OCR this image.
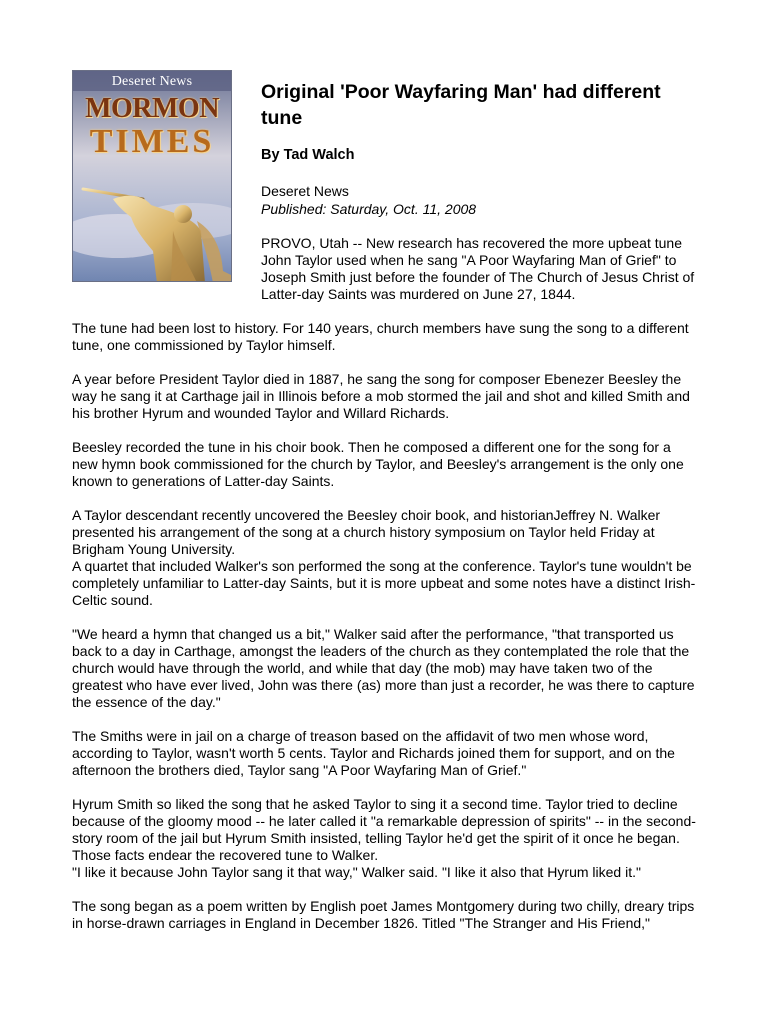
Deseret News
MORMON
TIMES
Original 'Poor Wayfaring Man' had different tune
By Tad Walch
Deseret News
Published: Saturday, Oct. 11, 2008

PROVO, Utah -- New research has recovered the more upbeat tune John Taylor used when he sang "A Poor Wayfaring Man of Grief" to Joseph Smith just before the founder of The Church of Jesus Christ of Latter-day Saints was murdered on June 27, 1844.

The tune had been lost to history. For 140 years, church members have sung the song to a different tune, one commissioned by Taylor himself.

A year before President Taylor died in 1887, he sang the song for composer Ebenezer Beesley the way he sang it at Carthage jail in Illinois before a mob stormed the jail and shot and killed Smith and his brother Hyrum and wounded Taylor and Willard Richards.

Beesley recorded the tune in his choir book. Then he composed a different one for the song for a new hymn book commissioned for the church by Taylor, and Beesley's arrangement is the only one known to generations of Latter-day Saints.

A Taylor descendant recently uncovered the Beesley choir book, and historianJeffrey N. Walker presented his arrangement of the song at a church history symposium on Taylor held Friday at Brigham Young University.

A quartet that included Walker's son performed the song at the conference. Taylor's tune wouldn't be completely unfamiliar to Latter-day Saints, but it is more upbeat and some notes have a distinct Irish-Celtic sound.

"We heard a hymn that changed us a bit," Walker said after the performance, "that transported us back to a day in Carthage, amongst the leaders of the church as they contemplated the role that the church would have through the world, and while that day (the mob) may have taken two of the greatest who have ever lived, John was there (as) more than just a recorder, he was there to capture the essence of the day."

The Smiths were in jail on a charge of treason based on the affidavit of two men whose word, according to Taylor, wasn't worth 5 cents. Taylor and Richards joined them for support, and on the afternoon the brothers died, Taylor sang "A Poor Wayfaring Man of Grief."

Hyrum Smith so liked the song that he asked Taylor to sing it a second time. Taylor tried to decline because of the gloomy mood -- he later called it "a remarkable depression of spirits" -- in the second-story room of the jail but Hyrum Smith insisted, telling Taylor he'd get the spirit of it once he began. Those facts endear the recovered tune to Walker.

"I like it because John Taylor sang it that way," Walker said. "I like it also that Hyrum liked it."

The song began as a poem written by English poet James Montgomery during two chilly, dreary trips in horse-drawn carriages in England in December 1826. Titled "The Stranger and His Friend,"
